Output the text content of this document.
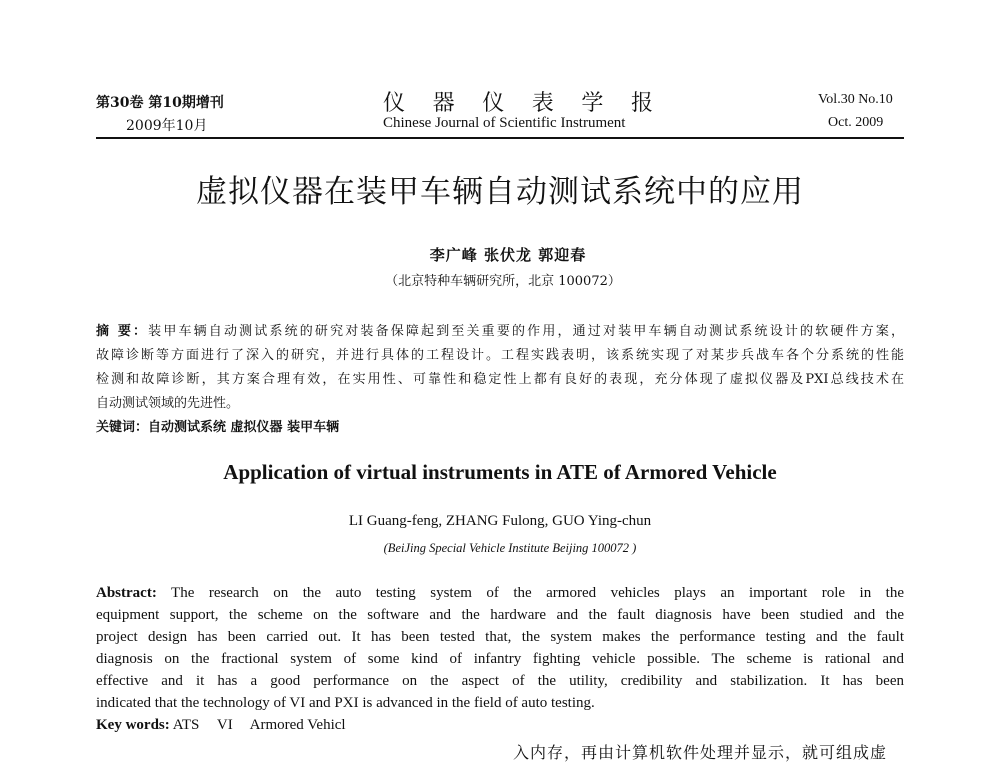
第30卷 第10期增刊
2009年10月
仪 器 仪 表 学 报
Chinese Journal of Scientific Instrument
Vol.30 No.10
Oct. 2009
虚拟仪器在装甲车辆自动测试系统中的应用
李广峰 张伏龙 郭迎春
（北京特种车辆研究所，北京 100072）
摘 要：装甲车辆自动测试系统的研究对装备保障起到至关重要的作用，通过对装甲车辆自动测试系统设计的软硬件方案，
故障诊断等方面进行了深入的研究，并进行具体的工程设计。工程实践表明，该系统实现了对某步兵战车各个分系统的性能
检测和故障诊断，其方案合理有效，在实用性、可靠性和稳定性上都有良好的表现，充分体现了虚拟仪器及PXI总线技术在
自动测试领域的先进性。
关键词：自动测试系统 虚拟仪器 装甲车辆
Application of virtual instruments in ATE of Armored Vehicle
LI Guang-feng, ZHANG Fulong, GUO Ying-chun
(BeiJing Special Vehicle Institute Beijing 100072 )
Abstract: The research on the auto testing system of the armored vehicles plays an important role in the
equipment support, the scheme on the software and the hardware and the fault diagnosis have been studied and the
project design has been carried out. It has been tested that, the system makes the performance testing and the fault
diagnosis on the fractional system of some kind of infantry fighting vehicle possible. The scheme is rational and
effective and it has a good performance on the aspect of the utility, credibility and stabilization. It has been
indicated that the technology of VI and PXI is advanced in the field of auto testing.
Key words: ATS VI Armored Vehicl
入内存，再由计算机软件处理并显示，就可组成虚
